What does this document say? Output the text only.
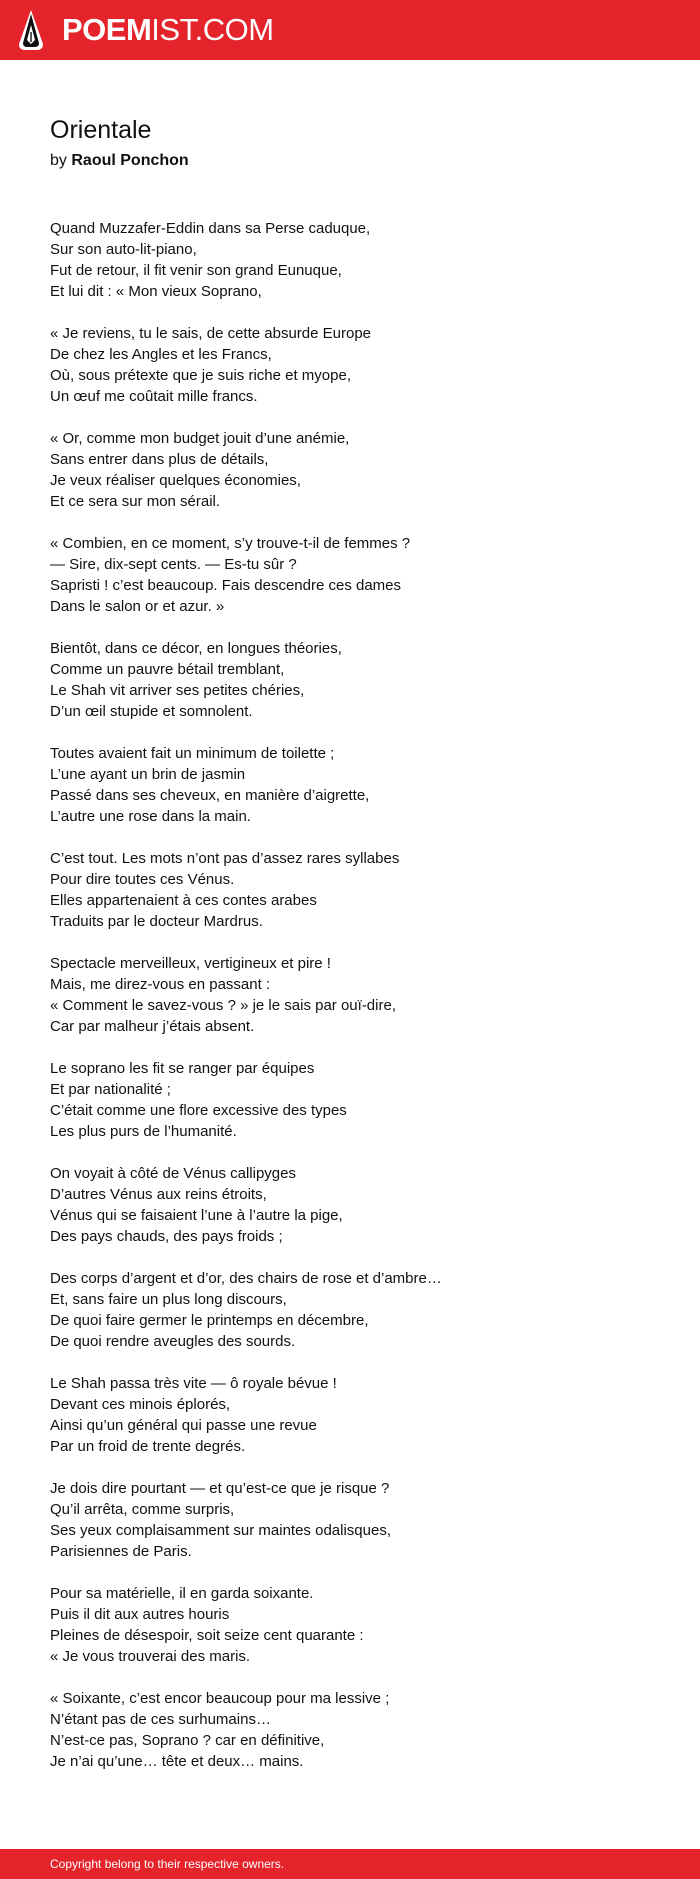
POEMIST.COM
Orientale
by Raoul Ponchon
Quand Muzzafer-Eddin dans sa Perse caduque,
Sur son auto-lit-piano,
Fut de retour, il fit venir son grand Eunuque,
Et lui dit : « Mon vieux Soprano,
« Je reviens, tu le sais, de cette absurde Europe
De chez les Angles et les Francs,
Où, sous prétexte que je suis riche et myope,
Un œuf me coûtait mille francs.
« Or, comme mon budget jouit d’une anémie,
Sans entrer dans plus de détails,
Je veux réaliser quelques économies,
Et ce sera sur mon sérail.
« Combien, en ce moment, s’y trouve-t-il de femmes ?
— Sire, dix-sept cents. — Es-tu sûr ?
Sapristi ! c’est beaucoup. Fais descendre ces dames
Dans le salon or et azur. »
Bientôt, dans ce décor, en longues théories,
Comme un pauvre bétail tremblant,
Le Shah vit arriver ses petites chéries,
D’un œil stupide et somnolent.
Toutes avaient fait un minimum de toilette ;
L’une ayant un brin de jasmin
Passé dans ses cheveux, en manière d’aigrette,
L’autre une rose dans la main.
C’est tout. Les mots n’ont pas d’assez rares syllabes
Pour dire toutes ces Vénus.
Elles appartenaient à ces contes arabes
Traduits par le docteur Mardrus.
Spectacle merveilleux, vertigineux et pire !
Mais, me direz-vous en passant :
« Comment le savez-vous ? » je le sais par ouï-dire,
Car par malheur j’étais absent.
Le soprano les fit se ranger par équipes
Et par nationalité ;
C’était comme une flore excessive des types
Les plus purs de l’humanité.
On voyait à côté de Vénus callipyges
D’autres Vénus aux reins étroits,
Vénus qui se faisaient l’une à l’autre la pige,
Des pays chauds, des pays froids ;
Des corps d’argent et d’or, des chairs de rose et d’ambre…
Et, sans faire un plus long discours,
De quoi faire germer le printemps en décembre,
De quoi rendre aveugles des sourds.
Le Shah passa très vite — ô royale bévue !
Devant ces minois éplorés,
Ainsi qu’un général qui passe une revue
Par un froid de trente degrés.
Je dois dire pourtant — et qu’est-ce que je risque ?
Qu’il arrêta, comme surpris,
Ses yeux complaisamment sur maintes odalisques,
Parisiennes de Paris.
Pour sa matérielle, il en garda soixante.
Puis il dit aux autres houris
Pleines de désespoir, soit seize cent quarante :
« Je vous trouverai des maris.
« Soixante, c’est encor beaucoup pour ma lessive ;
N’étant pas de ces surhumains…
N’est-ce pas, Soprano ? car en définitive,
Je n’ai qu’une… tête et deux… mains.
Copyright belong to their respective owners.
